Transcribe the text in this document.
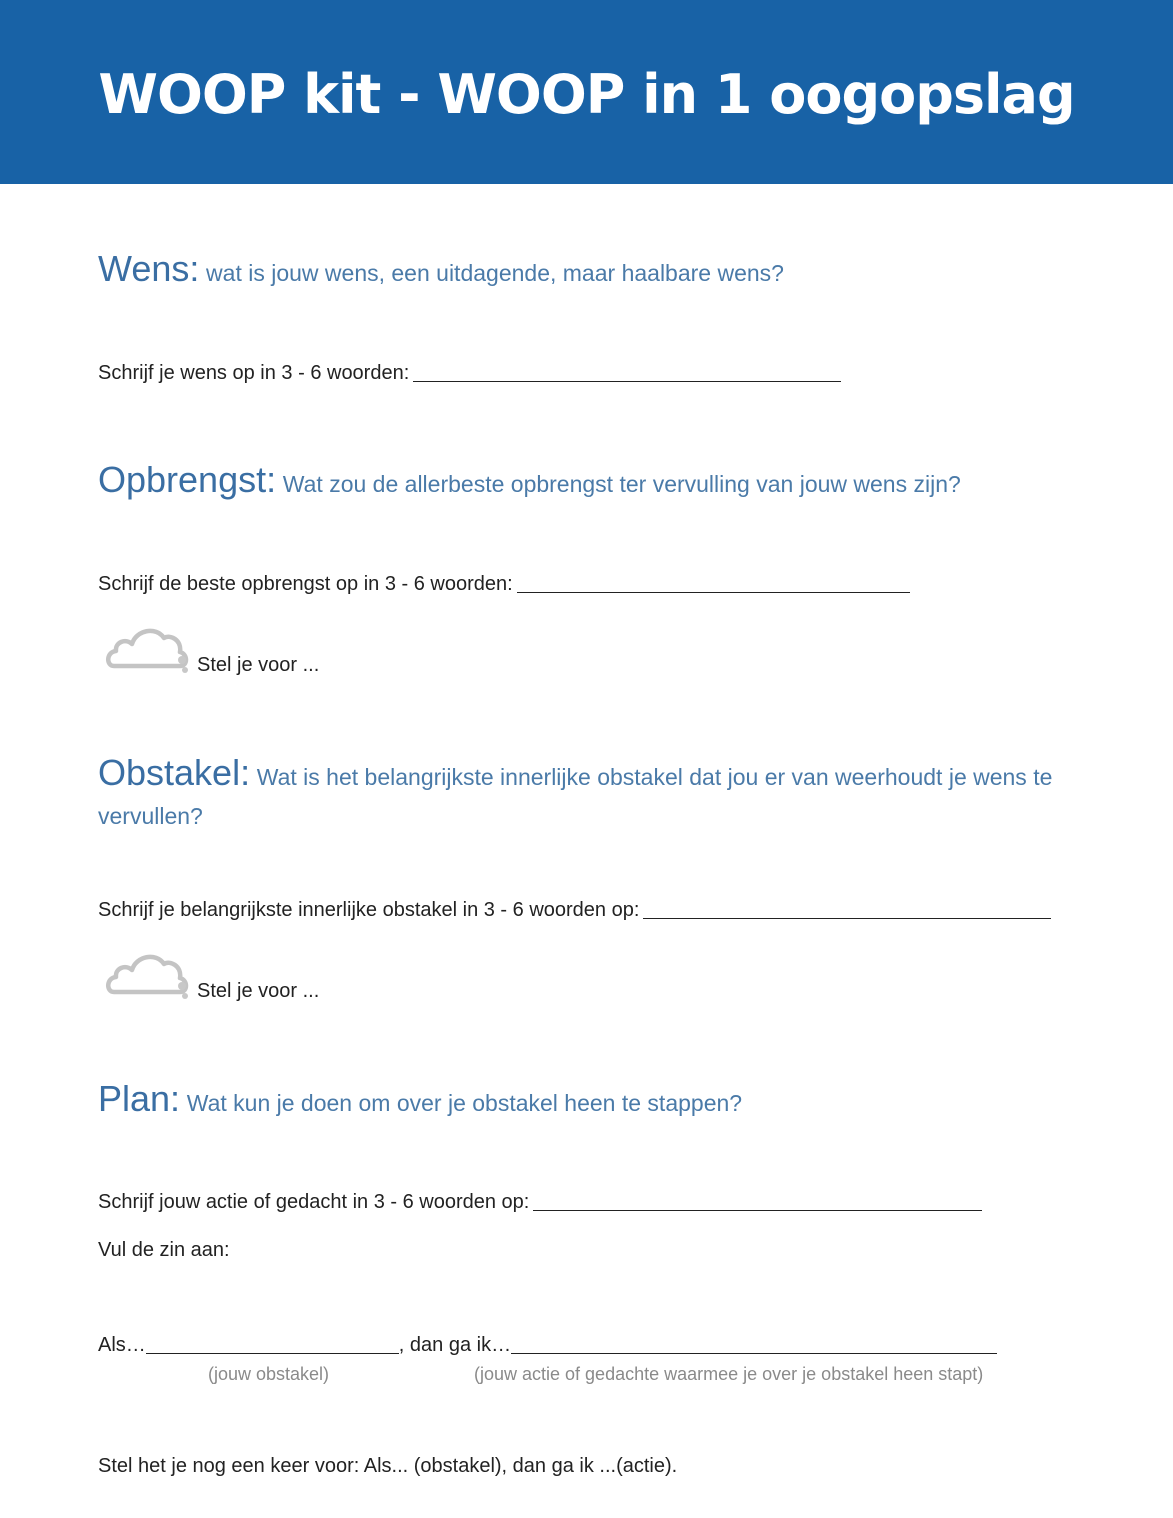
WOOP kit - WOOP in 1 oogopslag
Wens: wat is jouw wens, een uitdagende, maar haalbare wens?
Schrijf je wens op in 3 - 6 woorden:
Opbrengst: Wat zou de allerbeste opbrengst ter vervulling van jouw wens zijn?
Schrijf de beste opbrengst op in 3 - 6 woorden:
Stel je voor ...
Obstakel: Wat is het belangrijkste innerlijke obstakel dat jou er van weerhoudt je wens te
vervullen?
Schrijf je belangrijkste innerlijke obstakel in 3 - 6 woorden op:
Stel je voor ...
Plan: Wat kun je doen om over je obstakel heen te stappen?
Schrijf jouw actie of gedacht in 3 - 6 woorden op:
Vul de zin aan:
Als…	, dan ga ik…
(jouw obstakel)	(jouw actie of gedachte waarmee je over je obstakel heen stapt)
Stel het je nog een keer voor: Als... (obstakel), dan ga ik ...(actie).
